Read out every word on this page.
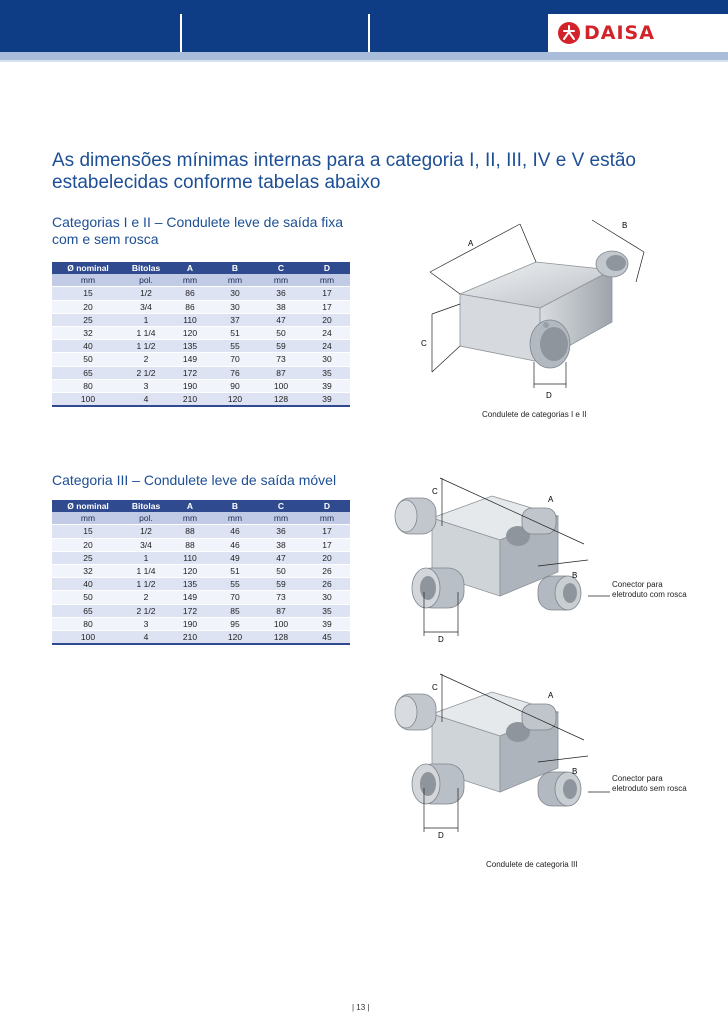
DAISA
As dimensões mínimas internas para a categoria I, II, III, IV e V estão estabelecidas conforme tabelas abaixo
Categorias I e II – Condulete leve de saída fixa com e sem rosca
Ø nominal	Bitolas	A	B	C	D
mm	pol.	mm	mm	mm	mm
15	1/2	86	30	36	17
20	3/4	86	30	38	17
25	1	110	37	47	20
32	1 1/4	120	51	50	24
40	1 1/2	135	55	59	24
50	2	149	70	73	30
65	2 1/2	172	76	87	35
80	3	190	90	100	39
100	4	210	120	128	39
A
B
C
D
Condulete de categorias I e II
Categoria III – Condulete leve de saída móvel
Ø nominal	Bitolas	A	B	C	D
mm	pol.	mm	mm	mm	mm
15	1/2	88	46	36	17
20	3/4	88	46	38	17
25	1	110	49	47	20
32	1 1/4	120	51	50	26
40	1 1/2	135	55	59	26
50	2	149	70	73	30
65	2 1/2	172	85	87	35
80	3	190	95	100	39
100	4	210	120	128	45
C
A
B
D
Conector para eletroduto com rosca
C
A
B
D
Conector para eletroduto sem rosca
Condulete de categoria III
| 13 |
